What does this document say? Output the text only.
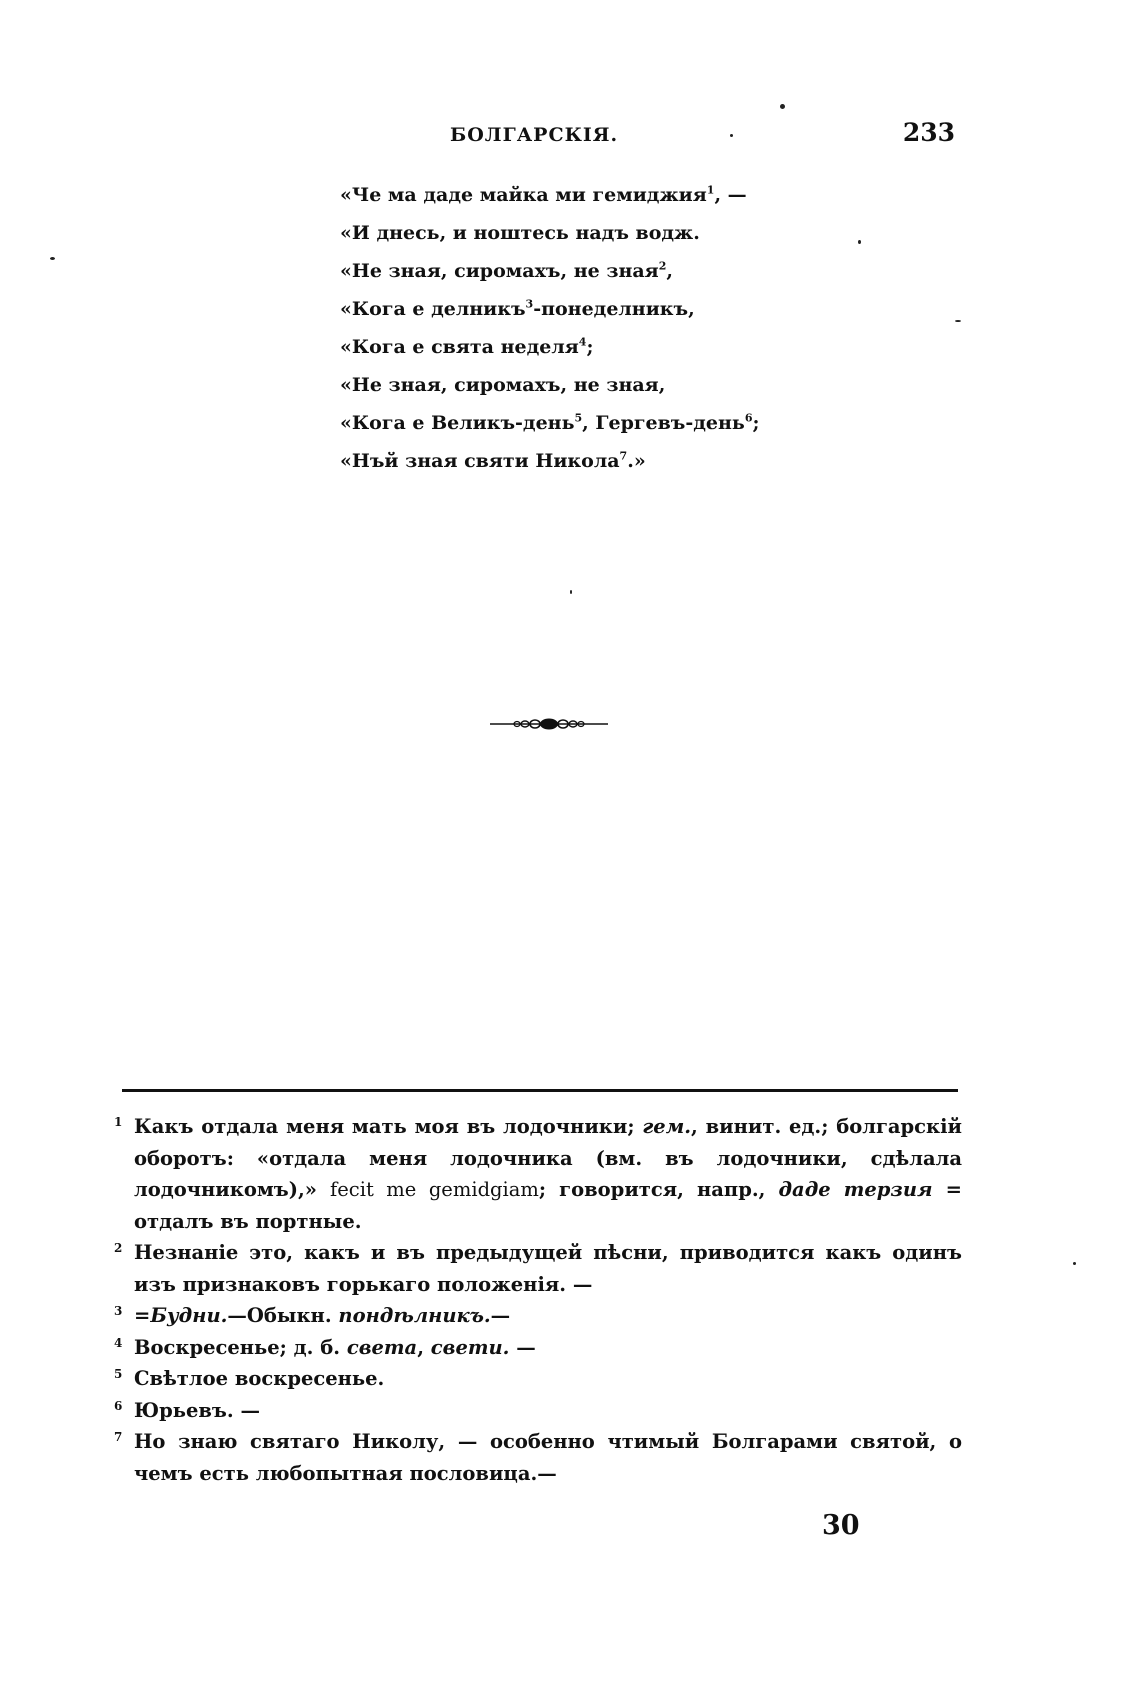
БОЛГАРСКІЯ.	233
«Че ма даде майка ми гемиджия$^1$, —
«И днесь, и ноштесь надъ водж.
«Не зная, сиромахъ, не зная$^2$,
«Кога е делникъ$^3$-понеделникъ,
«Кога е свята неделя$^4$;
«Не зная, сиромахъ, не зная,
«Кога е Великъ-день$^5$, Гергевъ-день$^6$;
«Нъй зная святи Никола$^7$.»
1 Какъ отдала меня мать моя въ лодочники; гем., винит. ед.; болгарскій оборотъ: «отдала меня лодочника (вм. въ лодочники, сдѣлала лодочникомъ),» fecit me gemidgiam; говорится, напр., даде терзия = отдалъ въ портные.
2 Незнаніе это, какъ и въ предыдущей пѣсни, приводится какъ одинъ изъ признаковъ горькаго положенія. —
3 =Будни.—Обыкн. пондѣлникъ.—
4 Воскресенье; д. б. света, свети. —
5 Свѣтлое воскресенье.
6 Юрьевъ. —
7 Но знаю святаго Николу, — особенно чтимый Болгарами святой, о чемъ есть любопытная пословица.—
30
